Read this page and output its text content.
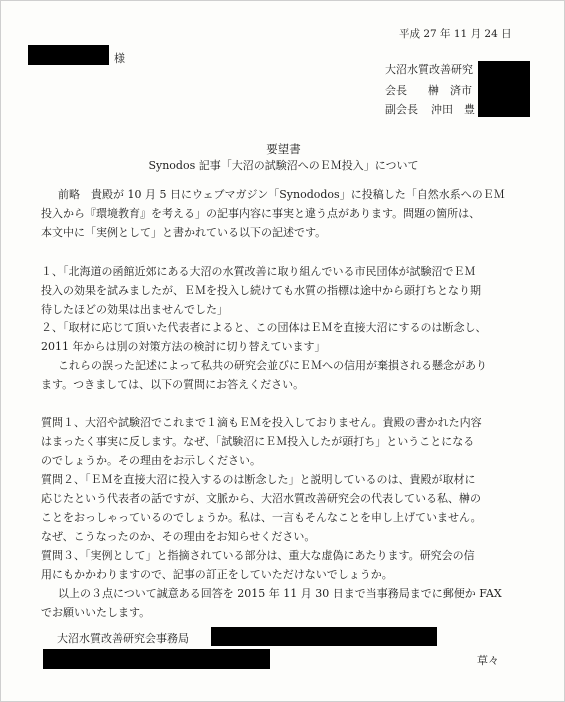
平成 27 年 11 月 24 日
様
大沼水質改善研究
会長 榊　済市
副会長 沖田　豊
要望書
Synodos 記事「大沼の試験沼へのＥＭ投入」について
前略　貴殿が 10 月 5 日にウェブマガジン「Synododos」に投稿した「自然水系へのＥＭ
投入から『環境教育』を考える」の記事内容に事実と違う点があります。問題の箇所は、
本文中に「実例として」と書かれている以下の記述です。
１、「北海道の函館近郊にある大沼の水質改善に取り組んでいる市民団体が試験沼でＥＭ
投入の効果を試みましたが、ＥＭを投入し続けても水質の指標は途中から頭打ちとなり期
待したほどの効果は出ませんでした」
２、「取材に応じて頂いた代表者によると、この団体はＥＭを直接大沼にするのは断念し、
2011 年からは別の対策方法の検討に切り替えています」
これらの誤った記述によって私共の研究会並びにＥＭへの信用が棄損される懸念があり
ます。つきましては、以下の質問にお答えください。
質問１、大沼や試験沼でこれまで１滴もＥＭを投入しておりません。貴殿の書かれた内容
はまったく事実に反します。なぜ、「試験沼にＥＭ投入したが頭打ち」ということになる
のでしょうか。その理由をお示しください。
質問２、「ＥＭを直接大沼に投入するのは断念した」と説明しているのは、貴殿が取材に
応じたという代表者の話ですが、文脈から、大沼水質改善研究会の代表している私、榊の
ことをおっしゃっているのでしょうか。私は、一言もそんなことを申し上げていません。
なぜ、こうなったのか、その理由をお知らせください。
質問３、「実例として」と指摘されている部分は、重大な虚偽にあたります。研究会の信
用にもかかわりますので、記事の訂正をしていただけないでしょうか。
以上の３点について誠意ある回答を 2015 年 11 月 30 日まで当事務局までに郵便か FAX
でお願いいたします。
大沼水質改善研究会事務局
草々
